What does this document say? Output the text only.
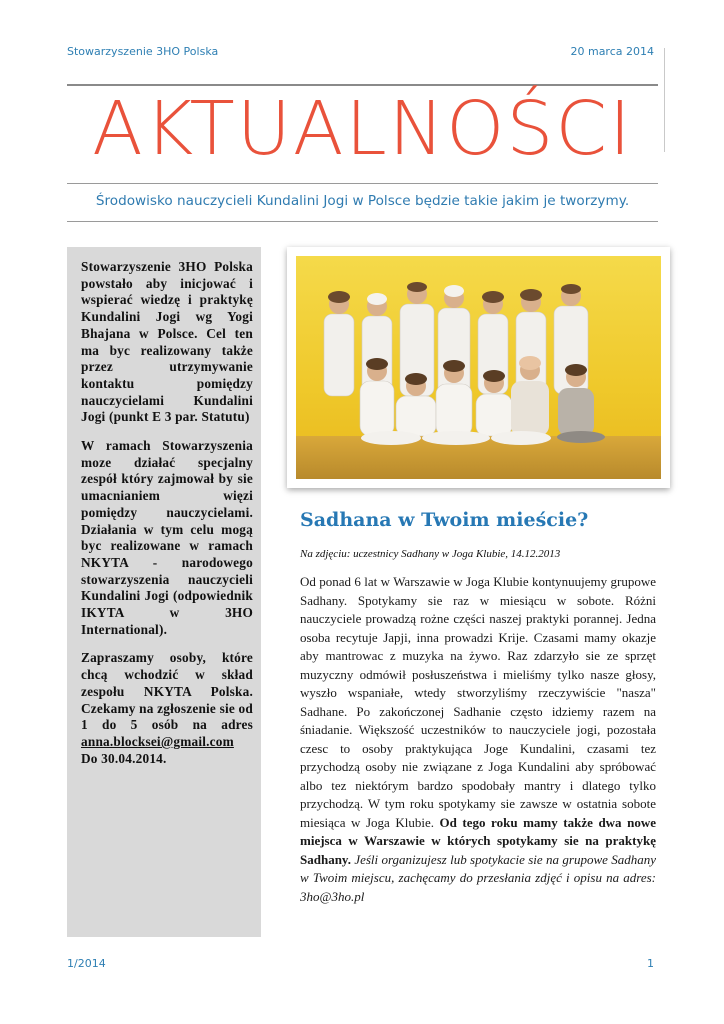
Stowarzyszenie 3HO Polska	20 marca 2014
AKTUALNOŚCI
Środowisko nauczycieli Kundalini Jogi w Polsce będzie takie jakim je tworzymy.

Stowarzyszenie 3HO Polska powstało aby inicjować i wspierać wiedzę i praktykę Kundalini Jogi wg Yogi Bhajana w Polsce. Cel ten ma byc realizowany także przez utrzymywanie kontaktu pomiędzy nauczycielami Kundalini Jogi (punkt E 3 par. Statutu)

W ramach Stowarzyszenia moze działać specjalny zespół który zajmował by sie umacnianiem więzi pomiędzy nauczycielami. Działania w tym celu mogą byc realizowane w ramach NKYTA - narodowego stowarzyszenia nauczycieli Kundalini Jogi (odpowiednik IKYTA w 3HO International).

Zapraszamy osoby, które chcą wchodzić w skład zespołu NKYTA Polska. Czekamy na zgłoszenie sie od 1 do 5 osób na adres anna.blocksei@gmail.com Do 30.04.2014.

Sadhana w Twoim mieście?
Na zdjęciu: uczestnicy Sadhany w Joga Klubie, 14.12.2013
Od ponad 6 lat w Warszawie w Joga Klubie kontynuujemy grupowe Sadhany. Spotykamy sie raz w miesiącu w sobote. Różni nauczyciele prowadzą rożne części naszej praktyki porannej. Jedna osoba recytuje Japji, inna prowadzi Krije. Czasami mamy okazje aby mantrowac z muzyka na żywo. Raz zdarzyło sie ze sprzęt muzyczny odmówił posłuszeństwa i mieliśmy tylko nasze głosy, wyszło wspaniałe, wtedy stworzyliśmy rzeczywiście "nasza" Sadhane. Po zakończonej Sadhanie często idziemy razem na śniadanie. Większość uczestników to nauczyciele jogi, pozostała czesc to osoby praktykująca Joge Kundalini, czasami tez przychodzą osoby nie związane z Joga Kundalini aby spróbować albo tez niektórym bardzo spodobały mantry i dlatego tylko przychodzą. W tym roku spotykamy sie zawsze w ostatnia sobote miesiąca w Joga Klubie. Od tego roku mamy także dwa nowe miejsca w Warszawie w których spotykamy sie na praktykę Sadhany. Jeśli organizujesz lub spotykacie sie na grupowe Sadhany w Twoim miejscu, zachęcamy do przesłania zdjęć i opisu na adres: 3ho@3ho.pl
1/2014	1
